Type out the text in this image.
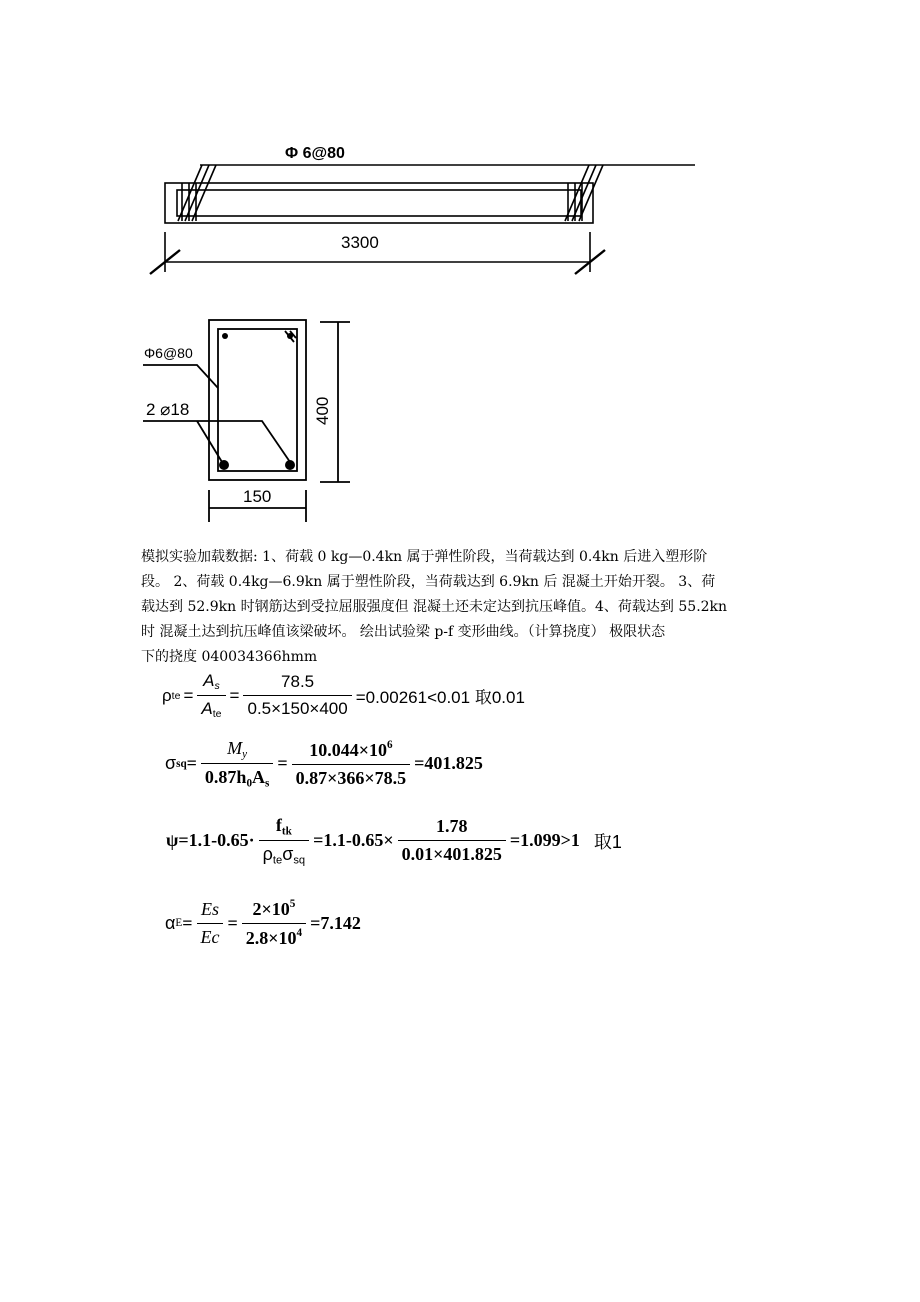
Φ 6@80
3300
Φ6@80
2 ⌀18	400
150
模拟实验加载数据: 1、荷载 0 kg—0.4kn 属于弹性阶段，当荷载达到 0.4kn 后进入塑形阶
段。 2、荷载 0.4kg—6.9kn 属于塑性阶段，当荷载达到 6.9kn 后 混凝土开始开裂。 3、荷
载达到 52.9kn 时钢筋达到受拉屈服强度但 混凝土还未定达到抗压峰值。4、荷载达到 55.2kn
时 混凝土达到抗压峰值该梁破坏。 绘出试验梁 p-f 变形曲线。（计算挠度） 极限状态
下的挠度 040034366hmm
ρ te = $\frac{A_s}{A_{te}} = \frac{78.5}{0.5\times 150\times 400} =0.00261<0.01$ 取0.01
σ sq = $\frac{M_y}{0.87h_0A_s} = \frac{10.044\times 10^6}{0.87\times 366\times 78.5} =401.825$
$\psi=1.1-0.65\cdot \frac{f_{tk}}{\rho_{te}\sigma_{sq}} =1.1-0.65\times \frac{1.78}{0.01\times 401.825} =1.099>1$ 取1
α $E = \frac{Es}{Ec} = \frac{2\times 10^5}{2.8\times 10^4} =7.142$
